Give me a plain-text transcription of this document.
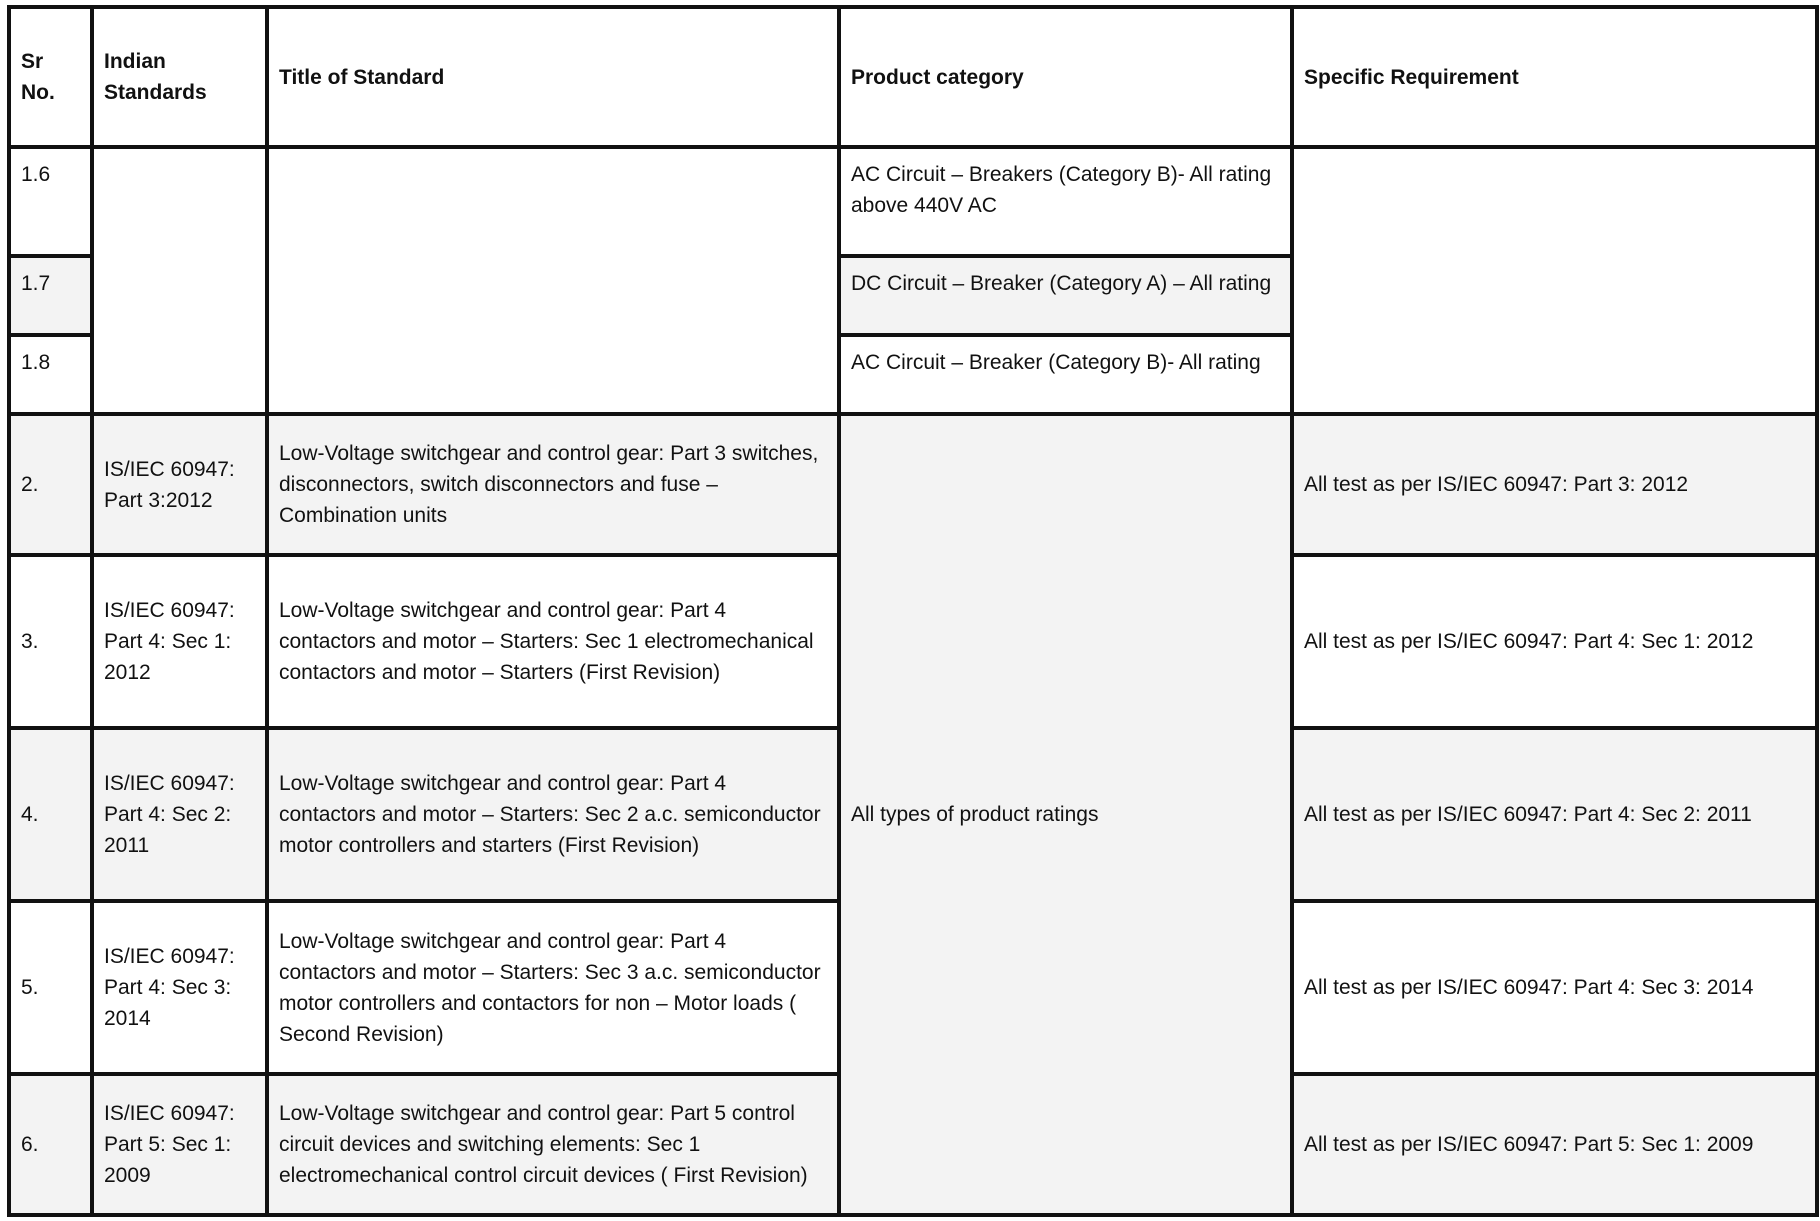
Sr No.	Indian Standards	Title of Standard	Product category	Specific Requirement
1.6			AC Circuit – Breakers (Category B)- All rating above 440V AC	
1.7			DC Circuit – Breaker (Category A) – All rating	
1.8			AC Circuit – Breaker (Category B)- All rating	
2.	IS/IEC 60947: Part 3:2012	Low-Voltage switchgear and control gear: Part 3 switches, disconnectors, switch disconnectors and fuse – Combination units	All types of product ratings	All test as per IS/IEC 60947: Part 3: 2012
3.	IS/IEC 60947: Part 4: Sec 1: 2012	Low-Voltage switchgear and control gear: Part 4 contactors and motor – Starters: Sec 1 electromechanical contactors and motor – Starters (First Revision)		All test as per IS/IEC 60947: Part 4: Sec 1: 2012
4.	IS/IEC 60947: Part 4: Sec 2: 2011	Low-Voltage switchgear and control gear: Part 4 contactors and motor – Starters: Sec 2 a.c. semiconductor motor controllers and starters (First Revision)		All test as per IS/IEC 60947: Part 4: Sec 2: 2011
5.	IS/IEC 60947: Part 4: Sec 3: 2014	Low-Voltage switchgear and control gear: Part 4 contactors and motor – Starters: Sec 3 a.c. semiconductor motor controllers and contactors for non – Motor loads ( Second Revision)		All test as per IS/IEC 60947: Part 4: Sec 3: 2014
6.	IS/IEC 60947: Part 5: Sec 1: 2009	Low-Voltage switchgear and control gear: Part 5 control circuit devices and switching elements: Sec 1 electromechanical control circuit devices ( First Revision)		All test as per IS/IEC 60947: Part 5: Sec 1: 2009
